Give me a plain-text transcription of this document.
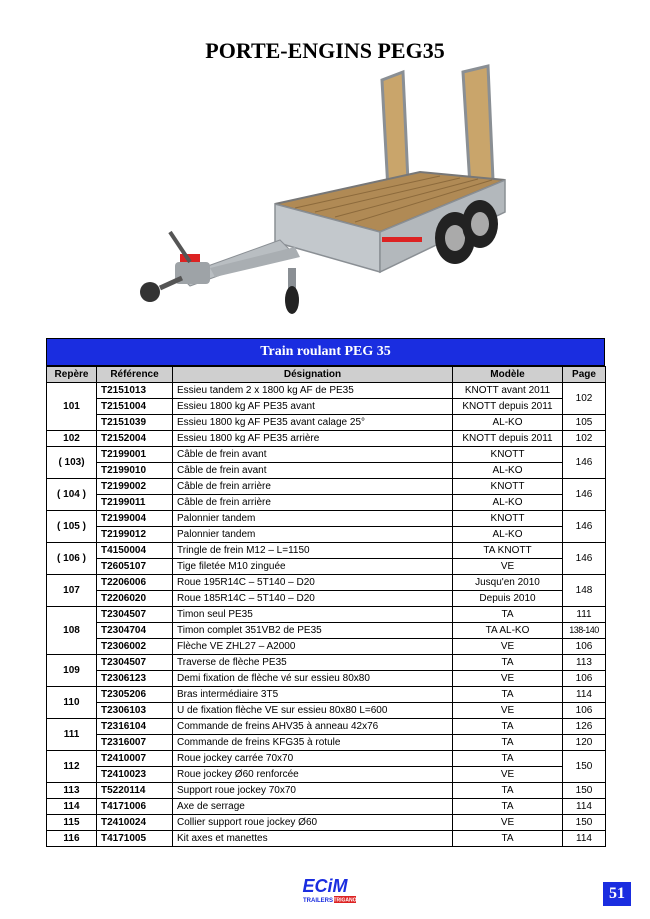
PORTE-ENGINS PEG35
Train roulant PEG 35
Repère	Référence	Désignation	Modèle	Page
101	T2151013	Essieu tandem 2 x 1800 kg AF de PE35	KNOTT avant 2011	102
	T2151004	Essieu 1800 kg AF PE35 avant	KNOTT depuis 2011	
	T2151039	Essieu 1800 kg AF PE35 avant calage 25°	AL-KO	105
102	T2152004	Essieu 1800 kg AF PE35 arrière	KNOTT depuis 2011	102
( 103)	T2199001	Câble de frein avant	KNOTT	146
	T2199010	Câble de frein avant	AL-KO	
( 104 )	T2199002	Câble de frein arrière	KNOTT	146
	T2199011	Câble de frein arrière	AL-KO	
( 105 )	T2199004	Palonnier tandem	KNOTT	146
	T2199012	Palonnier tandem	AL-KO	
( 106 )	T4150004	Tringle de frein M12 – L=1150	TA KNOTT	146
	T2605107	Tige filetée M10 zinguée	VE	
107	T2206006	Roue 195R14C – 5T140 – D20	Jusqu'en 2010	148
	T2206020	Roue 185R14C – 5T140 – D20	Depuis 2010	
108	T2304507	Timon seul PE35	TA	111
	T2304704	Timon complet 351VB2 de PE35	TA AL-KO	138-140
	T2306002	Flèche VE ZHL27 – A2000	VE	106
109	T2304507	Traverse de flèche PE35	TA	113
	T2306123	Demi fixation de flèche vé sur essieu 80x80	VE	106
110	T2305206	Bras intermédiaire 3T5	TA	114
	T2306103	U de fixation flèche VE sur essieu 80x80 L=600	VE	106
111	T2316104	Commande de freins AHV35 à anneau 42x76	TA	126
	T2316007	Commande de freins KFG35 à rotule	TA	120
112	T2410007	Roue jockey carrée 70x70	TA	150
	T2410023	Roue jockey Ø60 renforcée	VE	
113	T5220114	Support roue jockey 70x70	TA	150
114	T4171006	Axe de serrage	TA	114
115	T2410024	Collier support roue jockey Ø60	VE	150
116	T4171005	Kit axes et manettes	TA	114
ECiM
TRAILERS TRIGANO	51
